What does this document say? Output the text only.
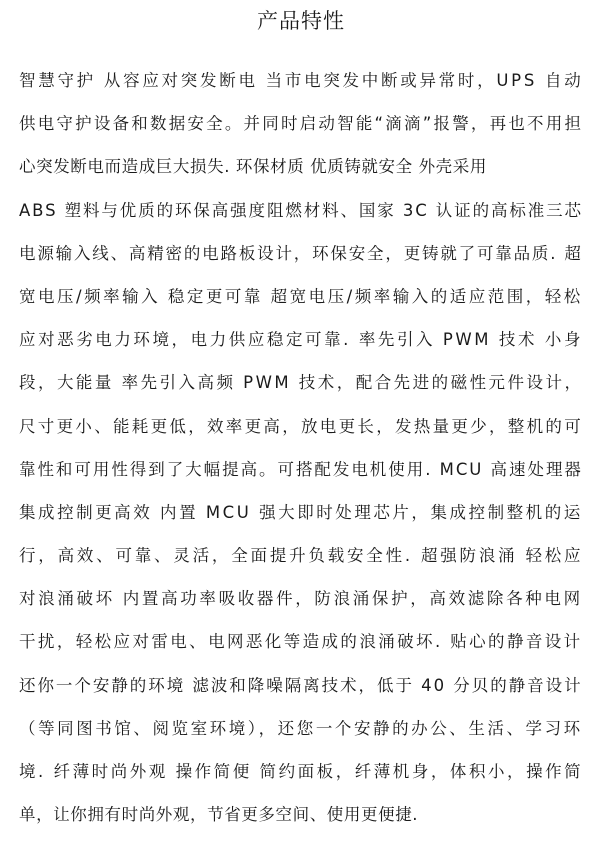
产品特性
智慧守护 从容应对突发断电 当市电突发中断或异常时，UPS 自动
供电守护设备和数据安全。并同时启动智能“滴滴”报警，再也不用担
心突发断电而造成巨大损失. 环保材质 优质铸就安全 外壳采用
ABS 塑料与优质的环保高强度阻燃材料、国家 3C 认证的高标准三芯
电源输入线、高精密的电路板设计，环保安全，更铸就了可靠品质. 超
宽电压/频率输入 稳定更可靠 超宽电压/频率输入的适应范围，轻松
应对恶劣电力环境，电力供应稳定可靠. 率先引入 PWM 技术 小身
段，大能量 率先引入高频 PWM 技术，配合先进的磁性元件设计，
尺寸更小、能耗更低，效率更高，放电更长，发热量更少，整机的可
靠性和可用性得到了大幅提高。可搭配发电机使用. MCU 高速处理器
集成控制更高效 内置 MCU 强大即时处理芯片，集成控制整机的运
行，高效、可靠、灵活，全面提升负载安全性. 超强防浪涌 轻松应
对浪涌破坏 内置高功率吸收器件，防浪涌保护，高效滤除各种电网
干扰，轻松应对雷电、电网恶化等造成的浪涌破坏. 贴心的静音设计
还你一个安静的环境 滤波和降噪隔离技术，低于 40 分贝的静音设计
（等同图书馆、阅览室环境），还您一个安静的办公、生活、学习环
境. 纤薄时尚外观 操作简便 简约面板，纤薄机身，体积小，操作简
单，让你拥有时尚外观，节省更多空间、使用更便捷.
